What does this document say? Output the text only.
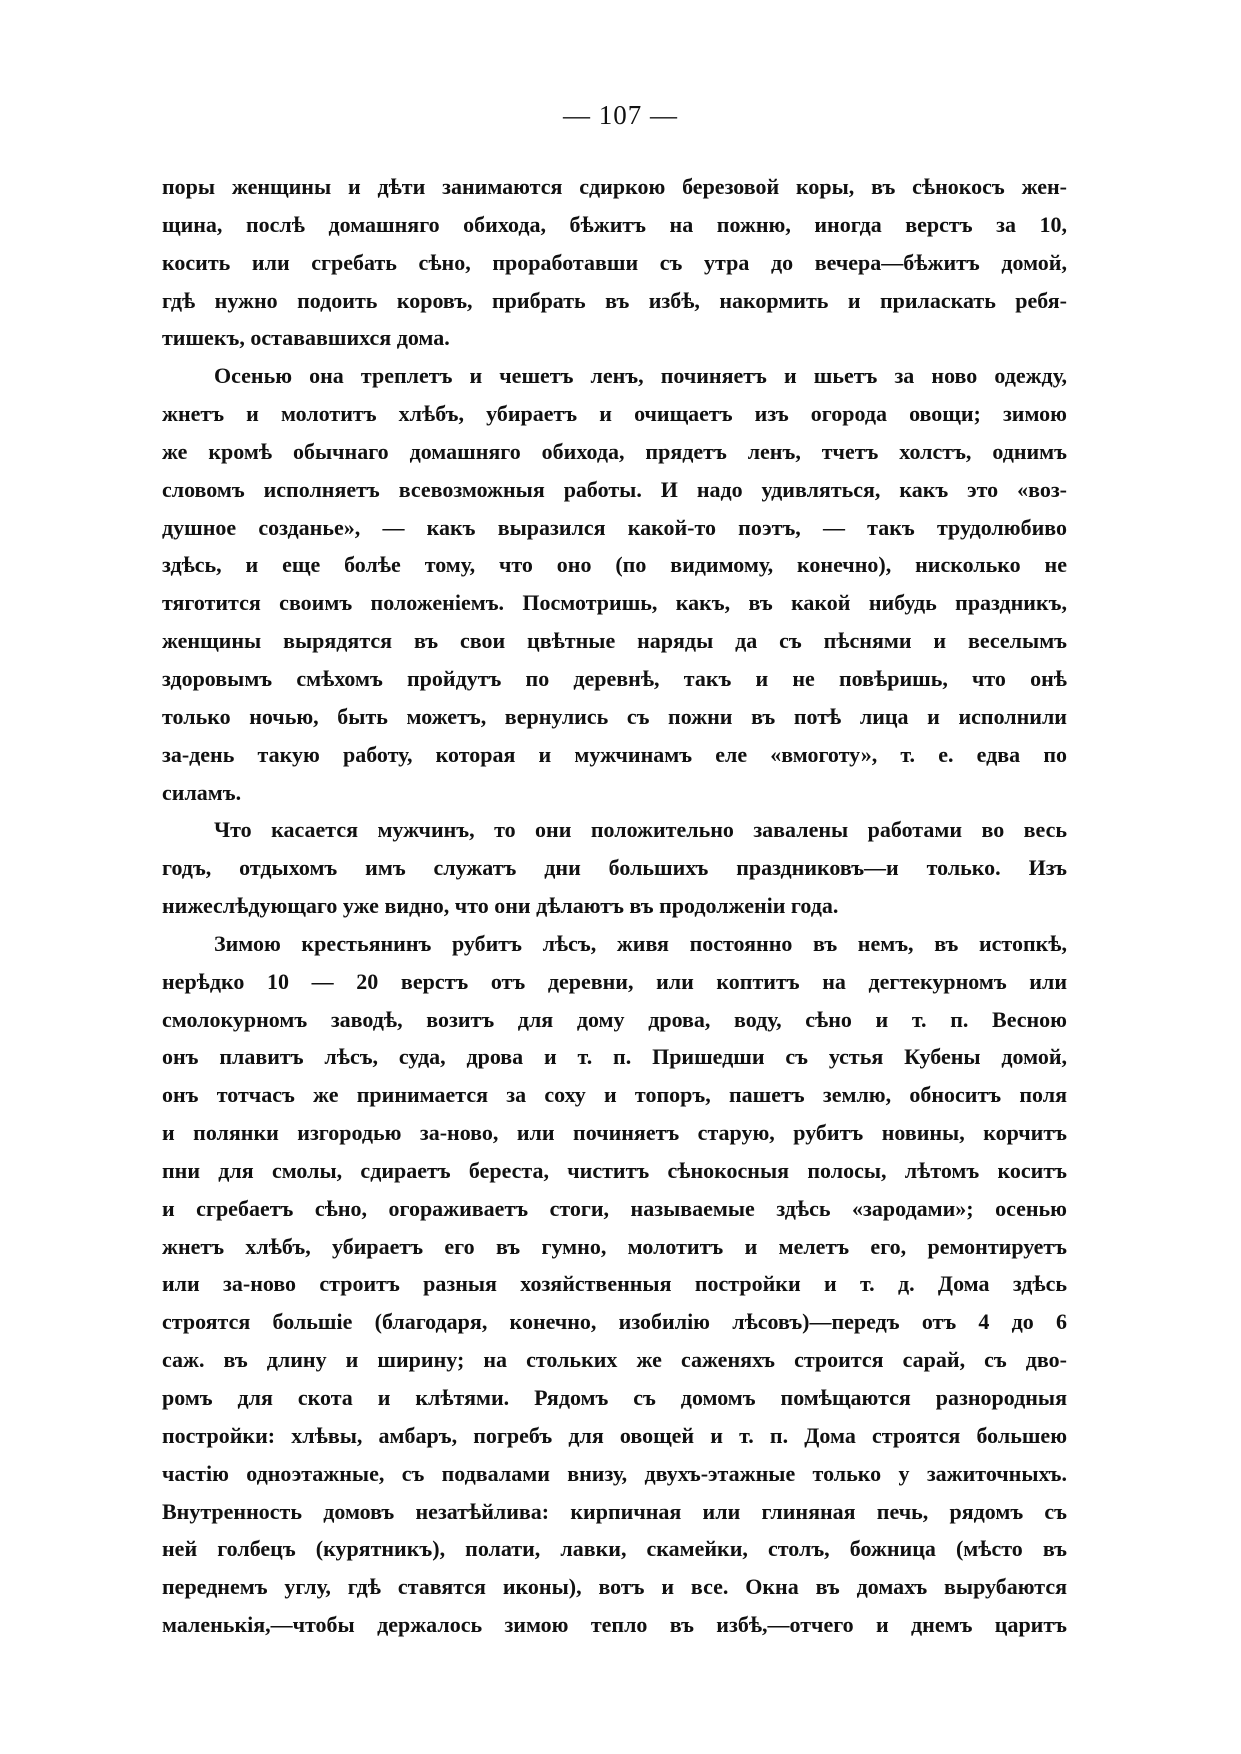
— 107 —
поры женщины и дѣти занимаются сдиркою березовой коры, въ сѣнокосъ жен-
щина, послѣ домашняго обихода, бѣжитъ на пожню, иногда верстъ за 10,
косить или сгребать сѣно, проработавши съ утра до вечера—бѣжитъ домой,
гдѣ нужно подоить коровъ, прибрать въ избѣ, накормить и приласкать ребя-
тишекъ, остававшихся дома.
Осенью она треплетъ и чешетъ ленъ, починяетъ и шьетъ за ново одежду,
жнетъ и молотитъ хлѣбъ, убираетъ и очищаетъ изъ огорода овощи; зимою
же кромѣ обычнаго домашняго обихода, прядетъ ленъ, тчетъ холстъ, однимъ
словомъ исполняетъ всевозможныя работы. И надо удивляться, какъ это «воз-
душное созданье», — какъ выразился какой-то поэтъ, — такъ трудолюбиво
здѣсь, и еще болѣе тому, что оно (по видимому, конечно), нисколько не
тяготится своимъ положенiемъ. Посмотришь, какъ, въ какой нибудь праздникъ,
женщины вырядятся въ свои цвѣтные наряды да съ пѣснями и веселымъ
здоровымъ смѣхомъ пройдутъ по деревнѣ, такъ и не повѣришь, что онѣ
только ночью, быть можетъ, вернулись съ пожни въ потѣ лица и исполнили
за-день такую работу, которая и мужчинамъ еле «вмоготу», т. е. едва по
силамъ.
Что касается мужчинъ, то они положительно завалены работами во весь
годъ, отдыхомъ имъ служатъ дни большихъ праздниковъ—и только. Изъ
нижеслѣдующаго уже видно, что они дѣлаютъ въ продолженiи года.
Зимою крестьянинъ рубитъ лѣсъ, живя постоянно въ немъ, въ истопкѣ,
нерѣдко 10 — 20 верстъ отъ деревни, или коптитъ на дегтекурномъ или
смолокурномъ заводѣ, возитъ для дому дрова, воду, сѣно и т. п. Весною
онъ плавитъ лѣсъ, суда, дрова и т. п. Пришедши съ устья Кубены домой,
онъ тотчасъ же принимается за соху и топоръ, пашетъ землю, обноситъ поля
и полянки изгородью за-ново, или починяетъ старую, рубитъ новины, корчитъ
пни для смолы, сдираетъ береста, чиститъ сѣнокосныя полосы, лѣтомъ коситъ
и сгребаетъ сѣно, огораживаетъ стоги, называемые здѣсь «зародами»; осенью
жнетъ хлѣбъ, убираетъ его въ гумно, молотитъ и мелетъ его, ремонтируетъ
или за-ново строитъ разныя хозяйственныя постройки и т. д. Дома здѣсь
строятся большiе (благодаря, конечно, изобилiю лѣсовъ)—передъ отъ 4 до 6
саж. въ длину и ширину; на стольких же саженяхъ строится сарай, съ дво-
ромъ для скота и клѣтями. Рядомъ съ домомъ помѣщаются разнородныя
постройки: хлѣвы, амбаръ, погребъ для овощей и т. п. Дома строятся большею
частiю одноэтажные, съ подвалами внизу, двухъ-этажные только у зажиточныхъ.
Внутренность домовъ незатѣйлива: кирпичная или глиняная печь, рядомъ съ
ней голбецъ (курятникъ), полати, лавки, скамейки, столъ, божница (мѣсто въ
переднемъ углу, гдѣ ставятся иконы), вотъ и все. Окна въ домахъ вырубаются
маленькiя,—чтобы держалось зимою тепло въ избѣ,—отчего и днемъ царитъ
